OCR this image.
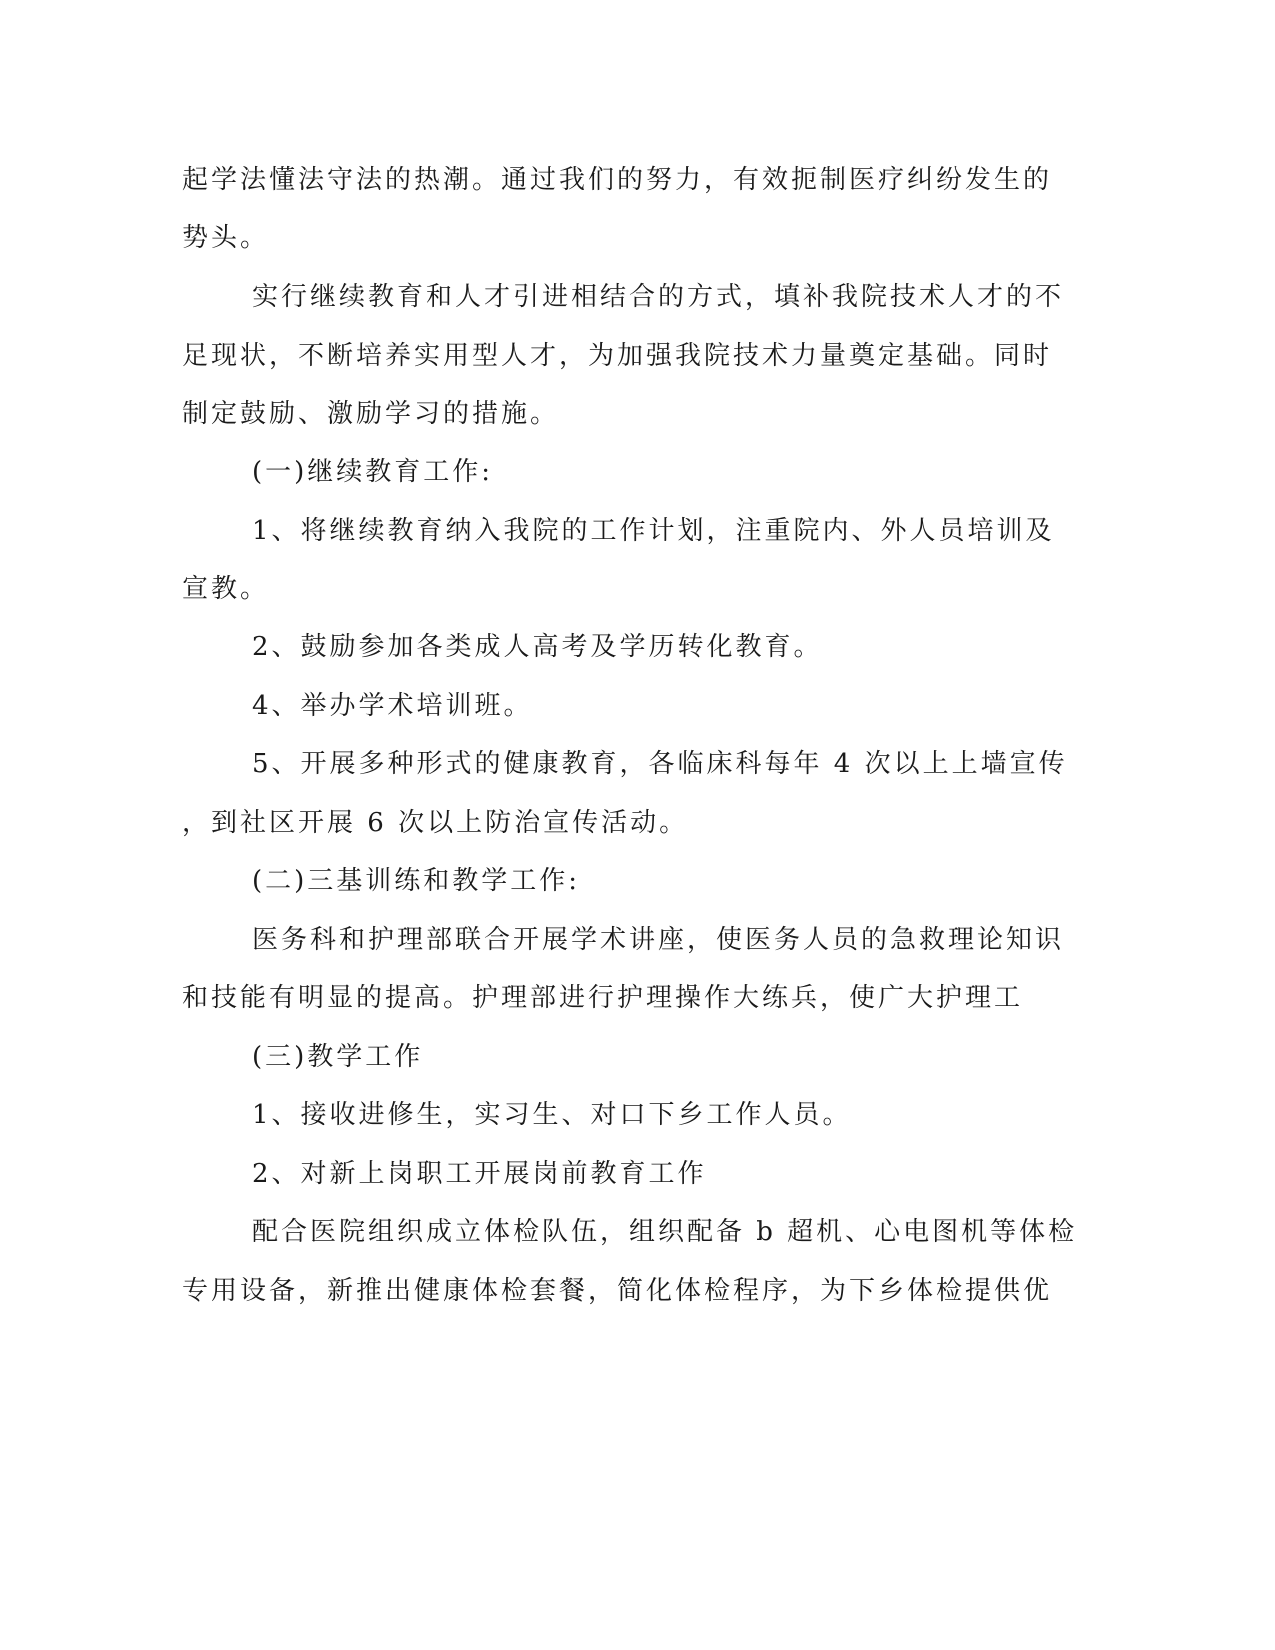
起学法懂法守法的热潮。通过我们的努力，有效扼制医疗纠纷发生的
势头。
实行继续教育和人才引进相结合的方式，填补我院技术人才的不
足现状，不断培养实用型人才，为加强我院技术力量奠定基础。同时
制定鼓励、激励学习的措施。
(一)继续教育工作:
1、将继续教育纳入我院的工作计划，注重院内、外人员培训及
宣教。
2、鼓励参加各类成人高考及学历转化教育。
4、举办学术培训班。
5、开展多种形式的健康教育，各临床科每年 4 次以上上墙宣传
，到社区开展 6 次以上防治宣传活动。
(二)三基训练和教学工作:
医务科和护理部联合开展学术讲座，使医务人员的急救理论知识
和技能有明显的提高。护理部进行护理操作大练兵，使广大护理工
(三)教学工作
1、接收进修生，实习生、对口下乡工作人员。
2、对新上岗职工开展岗前教育工作
配合医院组织成立体检队伍，组织配备 b 超机、心电图机等体检
专用设备，新推出健康体检套餐，简化体检程序，为下乡体检提供优
